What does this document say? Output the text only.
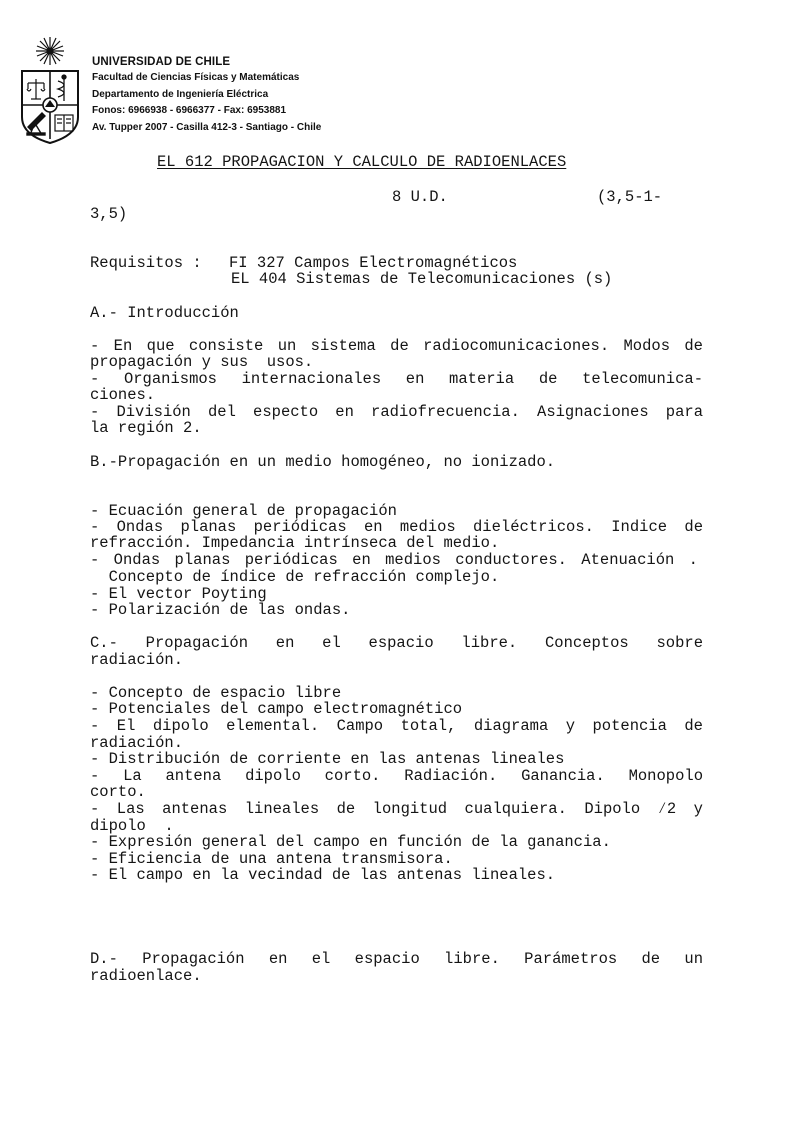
UNIVERSIDAD DE CHILE
Facultad de Ciencias Físicas y Matemáticas
Departamento de Ingeniería Eléctrica
Fonos: 6966938 - 6966377 - Fax: 6953881
Av. Tupper 2007 - Casilla 412-3 - Santiago - Chile

EL 612 PROPAGACION Y CALCULO DE RADIOENLACES

8 U.D.	(3,5-1-

3,5)

Requisitos : FI 327 Campos Electromagnéticos

EL 404 Sistemas de Telecomunicaciones (s)

A.- Introducción

- En que consiste un sistema de radiocomunicaciones. Modos de

propagación y sus  usos.

- Organismos internacionales en materia de telecomunica-

ciones.

- División del especto en radiofrecuencia. Asignaciones para

la región 2.

B.-Propagación en un medio homogéneo, no ionizado.

- Ecuación general de propagación

- Ondas planas periódicas en medios dieléctricos. Indice de

refracción. Impedancia intrínseca del medio.

- Ondas planas periódicas en medios conductores. Atenuación .

Concepto de índice de refracción complejo.

- El vector Poyting

- Polarización de las ondas.

C.- Propagación en el espacio libre. Conceptos sobre

radiación.

- Concepto de espacio libre

- Potenciales del campo electromagnético

- El dipolo elemental. Campo total, diagrama y potencia de

radiación.

- Distribución de corriente en las antenas lineales

- La antena dipolo corto. Radiación. Ganancia. Monopolo

corto.

- Las antenas lineales de longitud cualquiera. Dipolo ⁄2 y

dipolo  .

- Expresión general del campo en función de la ganancia.

- Eficiencia de una antena transmisora.

- El campo en la vecindad de las antenas lineales.

D.- Propagación en el espacio libre. Parámetros de un

radioenlace.
